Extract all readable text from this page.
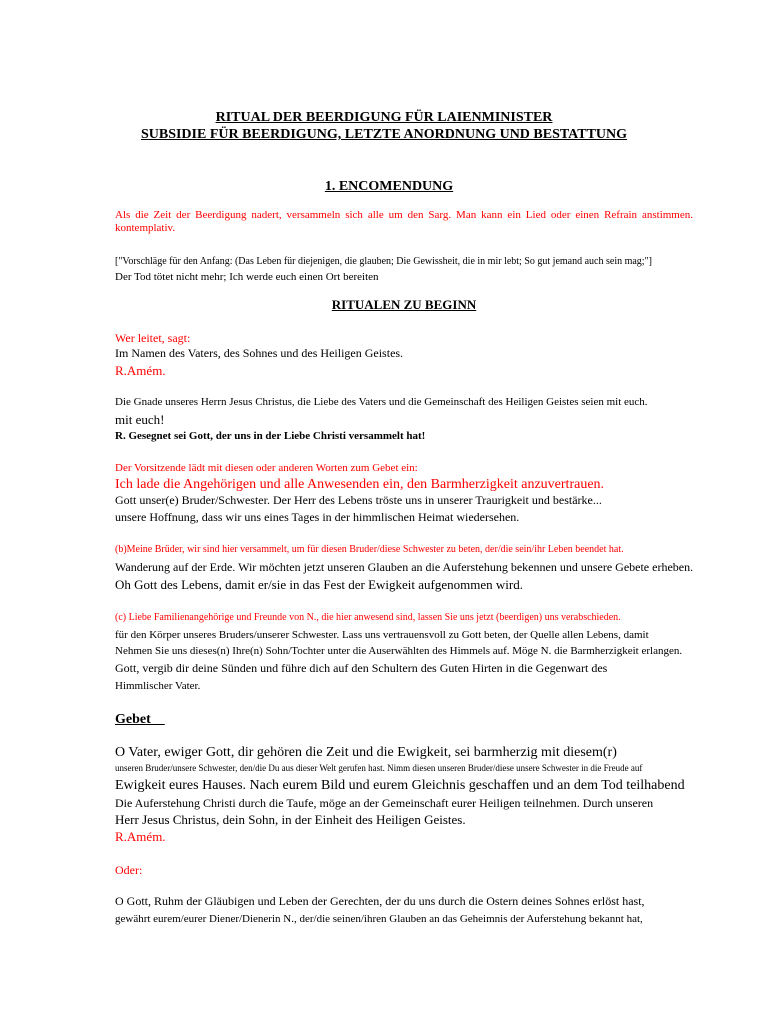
RITUAL DER BEERDIGUNG FÜR LAIENMINISTER
SUBSIDIE FÜR BEERDIGUNG, LETZTE ANORDNUNG UND BESTATTUNG
1. ENCOMENDUNG
Als die Zeit der Beerdigung nadert, versammeln sich alle um den Sarg. Man kann ein Lied oder einen Refrain anstimmen. kontemplativ.
["Vorschläge für den Anfang: (Das Leben für diejenigen, die glauben; Die Gewissheit, die in mir lebt; So gut jemand auch sein mag;"]
Der Tod tötet nicht mehr; Ich werde euch einen Ort bereiten
RITUALEN ZU BEGINN
Wer leitet, sagt:
Im Namen des Vaters, des Sohnes und des Heiligen Geistes.
R.Amém.
Die Gnade unseres Herrn Jesus Christus, die Liebe des Vaters und die Gemeinschaft des Heiligen Geistes seien mit euch.
mit euch!
R. Gesegnet sei Gott, der uns in der Liebe Christi versammelt hat!
Der Vorsitzende lädt mit diesen oder anderen Worten zum Gebet ein:
Ich lade die Angehörigen und alle Anwesenden ein, den Barmherzigkeit anzuvertrauen.
Gott unser(e) Bruder/Schwester. Der Herr des Lebens tröste uns in unserer Traurigkeit und bestärke...
unsere Hoffnung, dass wir uns eines Tages in der himmlischen Heimat wiedersehen.
(b)Meine Brüder, wir sind hier versammelt, um für diesen Bruder/diese Schwester zu beten, der/die sein/ihr Leben beendet hat.
Wanderung auf der Erde. Wir möchten jetzt unseren Glauben an die Auferstehung bekennen und unsere Gebete erheben.
Oh Gott des Lebens, damit er/sie in das Fest der Ewigkeit aufgenommen wird.
(c) Liebe Familienangehörige und Freunde von N., die hier anwesend sind, lassen Sie uns jetzt (beerdigen) uns verabschieden.
für den Körper unseres Bruders/unserer Schwester. Lass uns vertrauensvoll zu Gott beten, der Quelle allen Lebens, damit
Nehmen Sie uns dieses(n) Ihre(n) Sohn/Tochter unter die Auserwählten des Himmels auf. Möge N. die Barmherzigkeit erlangen.
Gott, vergib dir deine Sünden und führe dich auf den Schultern des Guten Hirten in die Gegenwart des
Himmlischer Vater.
Gebet
O Vater, ewiger Gott, dir gehören die Zeit und die Ewigkeit, sei barmherzig mit diesem(r)
unseren Bruder/unsere Schwester, den/die Du aus dieser Welt gerufen hast. Nimm diesen unseren Bruder/diese unsere Schwester in die Freude auf
Ewigkeit eures Hauses. Nach eurem Bild und eurem Gleichnis geschaffen und an dem Tod teilhabend
Die Auferstehung Christi durch die Taufe, möge an der Gemeinschaft eurer Heiligen teilnehmen. Durch unseren
Herr Jesus Christus, dein Sohn, in der Einheit des Heiligen Geistes.
R.Amém.
Oder:
O Gott, Ruhm der Gläubigen und Leben der Gerechten, der du uns durch die Ostern deines Sohnes erlöst hast,
gewährt eurem/eurer Diener/Dienerin N., der/die seinen/ihren Glauben an das Geheimnis der Auferstehung bekannt hat,
